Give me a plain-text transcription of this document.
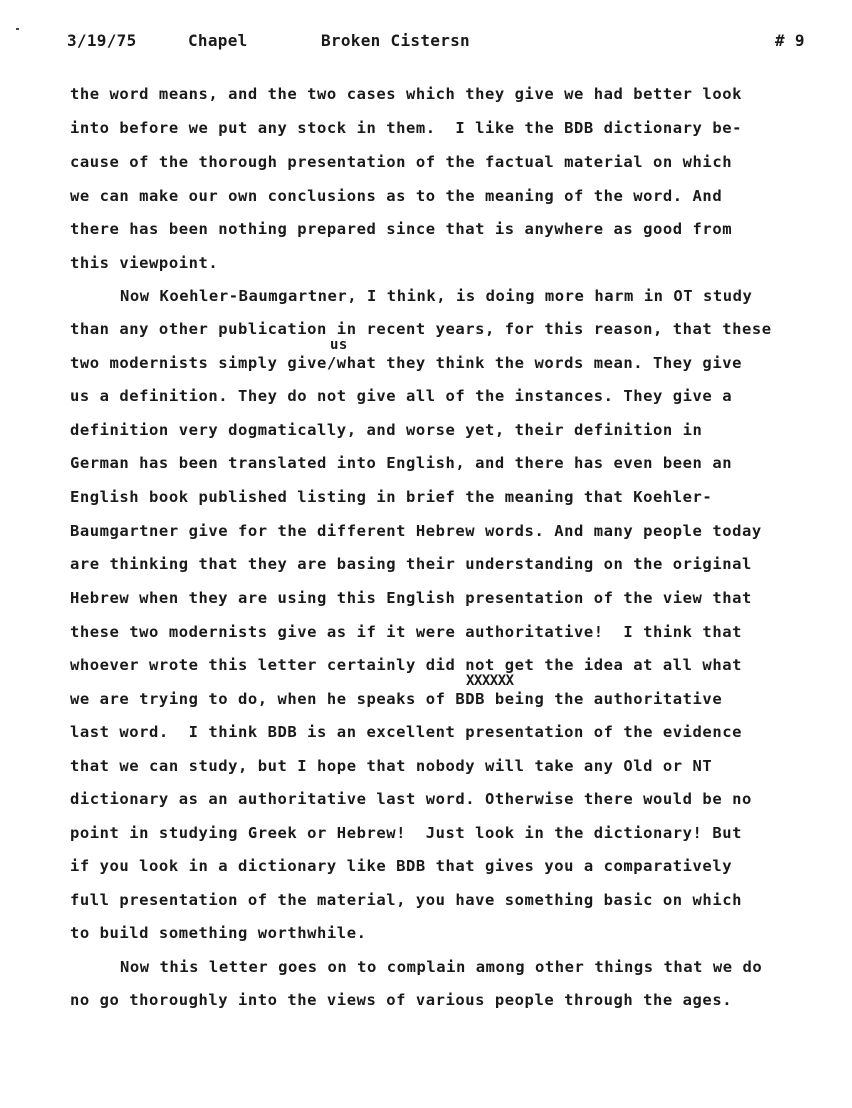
3/19/75	Chapel	Broken Cistersn	# 9
the word means, and the two cases which they give we had better look
into before we put any stock in them.  I like the BDB dictionary be-
cause of the thorough presentation of the factual material on which
we can make our own conclusions as to the meaning of the word. And
there has been nothing prepared since that is anywhere as good from
this viewpoint.
Now Koehler-Baumgartner, I think, is doing more harm in OT study
than any other publication in recent years, for this reason, that these
us
two modernists simply give/what they think the words mean. They give
us a definition. They do not give all of the instances. They give a
definition very dogmatically, and worse yet, their definition in
German has been translated into English, and there has even been an
English book published listing in brief the meaning that Koehler-
Baumgartner give for the different Hebrew words. And many people today
are thinking that they are basing their understanding on the original
Hebrew when they are using this English presentation of the view that
these two modernists give as if it were authoritative!  I think that
whoever wrote this letter certainly did not get the idea at all what
XXXXXX
we are trying to do, when he speaks of BDB being the authoritative
last word.  I think BDB is an excellent presentation of the evidence
that we can study, but I hope that nobody will take any Old or NT
dictionary as an authoritative last word. Otherwise there would be no
point in studying Greek or Hebrew!  Just look in the dictionary! But
if you look in a dictionary like BDB that gives you a comparatively
full presentation of the material, you have something basic on which
to build something worthwhile.
Now this letter goes on to complain among other things that we do
no go thoroughly into the views of various people through the ages.
